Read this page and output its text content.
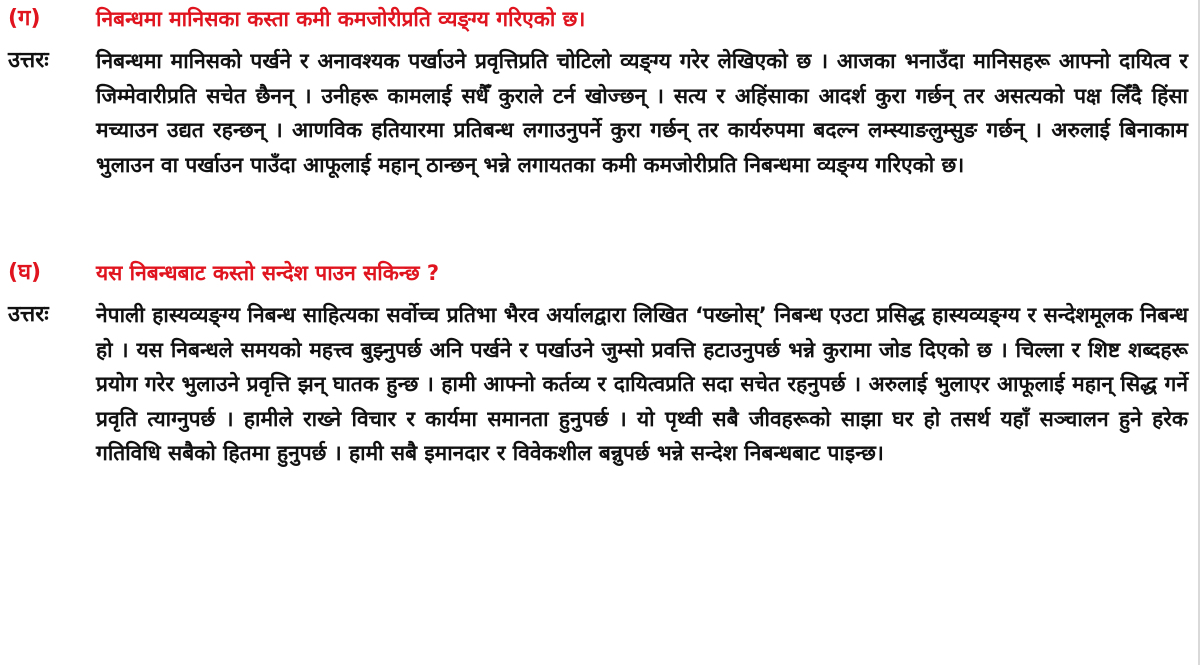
(ग)	निबन्धमा मानिसका कस्ता कमी कमजोरीप्रति व्यङ्ग्य गरिएको छ।
उत्तरः	निबन्धमा मानिसको पर्खने र अनावश्यक पर्खाउने प्रवृत्तिप्रति चोटिलो व्यङ्ग्य गरेर लेखिएको छ । आजका भनाउँदा मानिसहरू आफ्नो दायित्व र जिम्मेवारीप्रति सचेत छैनन् । उनीहरू कामलाई सधैँ कुराले टर्न खोज्छन् । सत्य र अहिंसाका आदर्श कुरा गर्छन् तर असत्यको पक्ष लिँदै हिंसा मच्याउन उद्यत रहन्छन् । आणविक हतियारमा प्रतिबन्ध लगाउनुपर्ने कुरा गर्छन् तर कार्यरुपमा बदल्न लम्स्याङलुम्सुङ गर्छन् । अरुलाई बिनाकाम भुलाउन वा पर्खाउन पाउँदा आफूलाई महान् ठान्छन् भन्ने लगायतका कमी कमजोरीप्रति निबन्धमा व्यङ्ग्य गरिएको छ।
(घ)	यस निबन्धबाट कस्तो सन्देश पाउन सकिन्छ ?
उत्तरः	नेपाली हास्यव्यङ्ग्य निबन्ध साहित्यका सर्वोच्च प्रतिभा भैरव अर्यालद्वारा लिखित ‘पख्नोस्’ निबन्ध एउटा प्रसिद्ध हास्यव्यङ्ग्य र सन्देशमूलक निबन्ध हो । यस निबन्धले समयको महत्त्व बुझ्नुपर्छ अनि पर्खने र पर्खाउने जुम्सो प्रवत्ति हटाउनुपर्छ भन्ने कुरामा जोड दिएको छ । चिल्ला र शिष्ट शब्दहरू प्रयोग गरेर भुलाउने प्रवृत्ति झन् घातक हुन्छ । हामी आफ्नो कर्तव्य र दायित्वप्रति सदा सचेत रहनुपर्छ । अरुलाई भुलाएर आफूलाई महान् सिद्ध गर्ने प्रवृति त्याग्नुपर्छ । हामीले राख्ने विचार र कार्यमा समानता हुनुपर्छ । यो पृथ्वी सबै जीवहरूको साझा घर हो तसर्थ यहाँ सञ्चालन हुने हरेक गतिविधि सबैको हितमा हुनुपर्छ । हामी सबै इमानदार र विवेकशील बन्नुपर्छ भन्ने सन्देश निबन्धबाट पाइन्छ।
